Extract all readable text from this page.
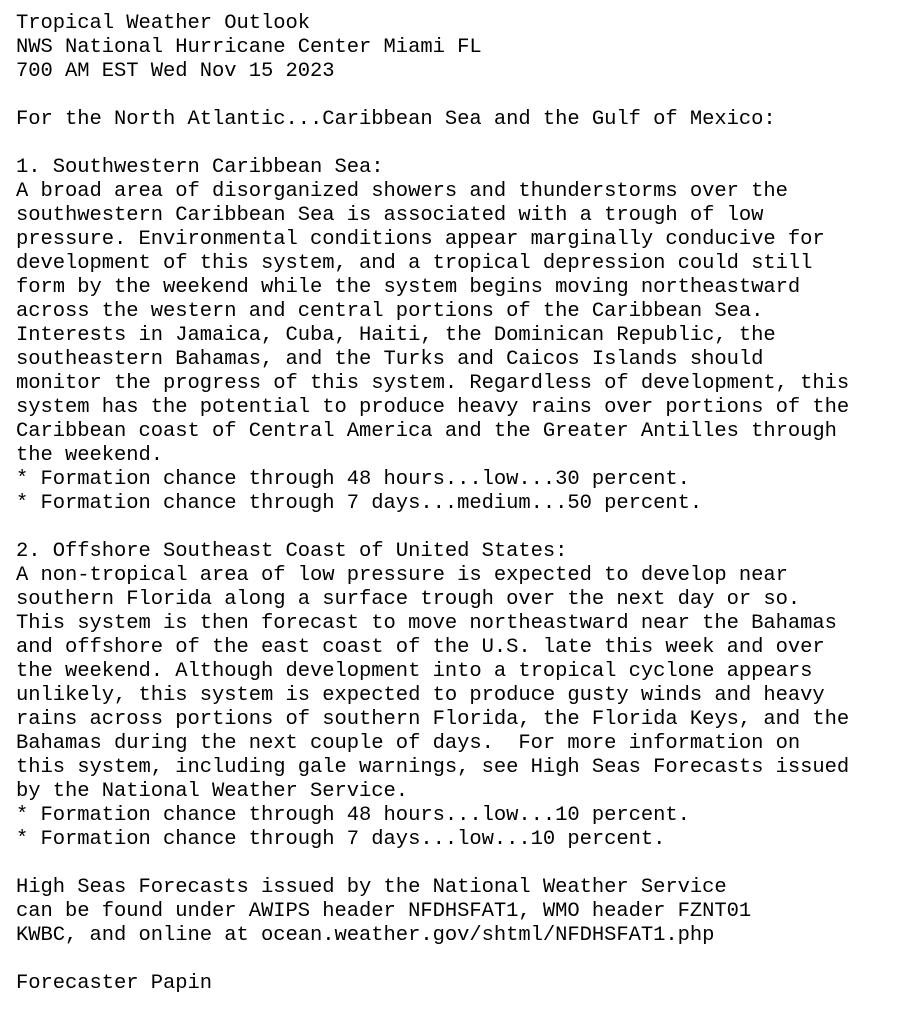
Tropical Weather Outlook
NWS National Hurricane Center Miami FL
700 AM EST Wed Nov 15 2023
For the North Atlantic...Caribbean Sea and the Gulf of Mexico:
1. Southwestern Caribbean Sea:
A broad area of disorganized showers and thunderstorms over the
southwestern Caribbean Sea is associated with a trough of low
pressure. Environmental conditions appear marginally conducive for
development of this system, and a tropical depression could still
form by the weekend while the system begins moving northeastward
across the western and central portions of the Caribbean Sea.
Interests in Jamaica, Cuba, Haiti, the Dominican Republic, the
southeastern Bahamas, and the Turks and Caicos Islands should
monitor the progress of this system. Regardless of development, this
system has the potential to produce heavy rains over portions of the
Caribbean coast of Central America and the Greater Antilles through
the weekend.
* Formation chance through 48 hours...low...30 percent.
* Formation chance through 7 days...medium...50 percent.
2. Offshore Southeast Coast of United States:
A non-tropical area of low pressure is expected to develop near
southern Florida along a surface trough over the next day or so.
This system is then forecast to move northeastward near the Bahamas
and offshore of the east coast of the U.S. late this week and over
the weekend. Although development into a tropical cyclone appears
unlikely, this system is expected to produce gusty winds and heavy
rains across portions of southern Florida, the Florida Keys, and the
Bahamas during the next couple of days.  For more information on
this system, including gale warnings, see High Seas Forecasts issued
by the National Weather Service.
* Formation chance through 48 hours...low...10 percent.
* Formation chance through 7 days...low...10 percent.
High Seas Forecasts issued by the National Weather Service
can be found under AWIPS header NFDHSFAT1, WMO header FZNT01
KWBC, and online at ocean.weather.gov/shtml/NFDHSFAT1.php
Forecaster Papin
